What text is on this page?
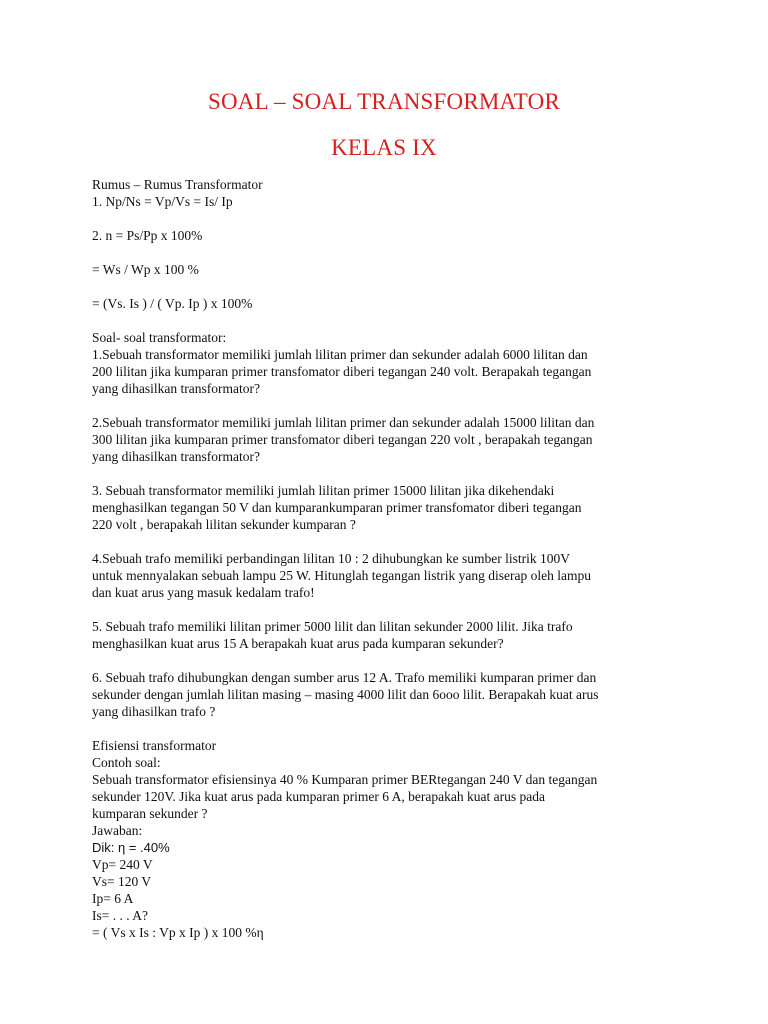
SOAL – SOAL TRANSFORMATOR
KELAS IX
Rumus – Rumus Transformator
1. Np/Ns = Vp/Vs = Is/ Ip
2. n = Ps/Pp x 100%
= Ws / Wp x 100 %
= (Vs. Is ) / ( Vp. Ip ) x 100%
Soal- soal transformator:
1.Sebuah transformator memiliki jumlah lilitan primer dan sekunder adalah 6000 lilitan dan
200 lilitan jika kumparan primer transfomator diberi tegangan 240 volt. Berapakah tegangan
yang dihasilkan transformator?
2.Sebuah transformator memiliki jumlah lilitan primer dan sekunder adalah 15000 lilitan dan
300 lilitan jika kumparan primer transfomator diberi tegangan 220 volt , berapakah tegangan
yang dihasilkan transformator?
3. Sebuah transformator memiliki jumlah lilitan primer 15000 lilitan jika dikehendaki
menghasilkan tegangan 50 V dan kumparankumparan primer transfomator diberi tegangan
220 volt , berapakah lilitan sekunder kumparan ?
4.Sebuah trafo memiliki perbandingan lilitan 10 : 2 dihubungkan ke sumber listrik 100V
untuk mennyalakan sebuah lampu 25 W. Hitunglah tegangan listrik yang diserap oleh lampu
dan kuat arus yang masuk kedalam trafo!
5. Sebuah trafo memiliki lilitan primer 5000 lilit dan lilitan sekunder 2000 lilit. Jika trafo
menghasilkan kuat arus 15 A berapakah kuat arus pada kumparan sekunder?
6. Sebuah trafo dihubungkan dengan sumber arus 12 A. Trafo memiliki kumparan primer dan
sekunder dengan jumlah lilitan masing – masing 4000 lilit dan 6ooo lilit. Berapakah kuat arus
yang dihasilkan trafo ?
Efisiensi transformator
Contoh soal:
Sebuah transformator efisiensinya 40 % Kumparan primer BERtegangan 240 V dan tegangan
sekunder 120V. Jika kuat arus pada kumparan primer 6 A, berapakah kuat arus pada
kumparan sekunder ?
Jawaban:
Dik: η = .40%
Vp= 240 V
Vs= 120 V
Ip= 6 A
Is= . . . A?
= ( Vs x Is : Vp x Ip ) x 100 %η
